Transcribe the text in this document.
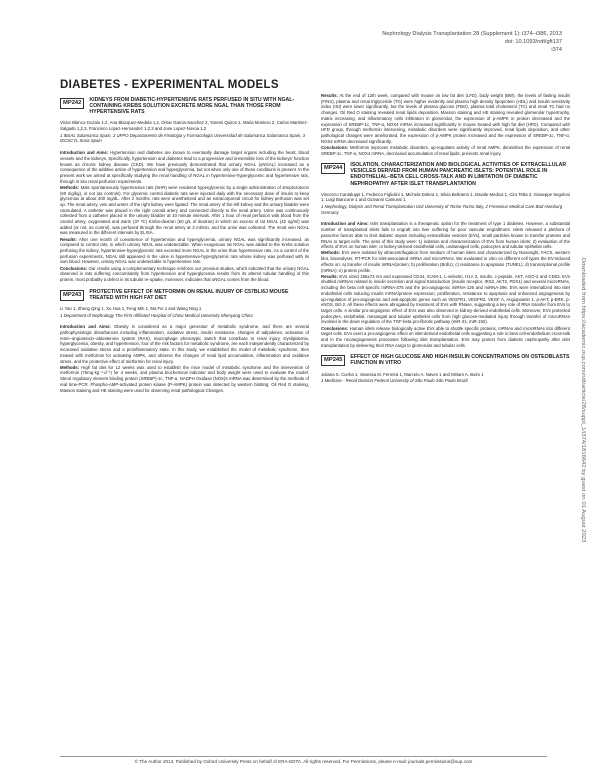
Nephrology Dialysis Transplantation 28 (Supplement 1): i374–i386, 2013
doi: 10.1093/ndt/gft137
i374
DIABETES - EXPERIMENTAL MODELS
MP242	KIDNEYS FROM DIABETIC-HYPERTENSIVE RATS PERFUSED IN SITU WITH NGAL-CONTAINING KREBS SOLUTION EXCRETE MORE NGAL THAN THOSE FROM HYPERTENSIVE RATS
Victor Blanco-Gozalo 1,2, Ana Blazquez-Medela 1,2, Omar Garcia-Sanchez 2, Yaremi Quiros 2, Maria Montero 2, Carlos Martinez-Salgado 1,2,3, Francisco Lopez-Hernandez 1,2,3 and Jose Lopez-Novoa 1,2
1 IBSAL Salamanca Spain, 2 UFPO Departamento de Fisiologia y Farmacologia Universidad de Salamanca Salamanca Spain, 3 IECSCYL Soria Spain

Introduction and Aims: Hypertension and diabetes are known to eventually damage target organs including the heart, blood vessels and the kidneys. Specifically, hypertension and diabetes lead to a progressive and irreversible loss of the kidneys' function known as chronic kidney disease (CKD). We have previously demonstrated that urinary NGAL (uNGAL) increased as a consequence of the additive action of hypertension and hyperglycemia, but not when only one of these conditions is present. In the present work we aimed at specifically studying the renal handling of NGAL in hypertensive-hyperglycemic and hypertensive rats, through in situ renal perfusion experiments.

Methods: Male spontaneously hypertensive rats (SHR) were rendered hyperglycemic by a single administration of streptozotocin (60 mg/kg), or not (as controls). For glycemic control diabetic rats were injected daily with the necessary dose of insulin to keep glycemias at about 400 mg/dL. After 2 months, rats were anesthetized and an extracorporeal circuit for kidney perfusion was set up. The renal artery, vein and ureter of the right kidney were ligated. The renal artery of the left kidney and the urinary bladder were cannulated. A catheter was placed in the right carotid artery and connected directly to the renal artery. Urine was continuously collected from a catheter placed in the urinary bladder at 10 minute intervals. After 1 hour of renal perfusion with blood from the carotid artery, oxygenated and warm (37 ºC) Krebs-dextran (60 g/L of dextran) in which an excess of rat NGAL (42 ng/ml) was added (or not, as control), was perfused through the renal artery at 3 ml/min, and the urine was collected. The renal vein NGAL was measured in the different intervals by ELISA.

Results: After one month of coexistence of hypertension and hyperglycemia, urinary NGAL was significantly increased, as compared to control rats, in which urinary NGAL was undetectable. When exogenous rat NGAL was added to the Krebs solution perfusing the kidney, hypertensive-hyperglycemic rats excreted more NGAL in the urine than hypertensive rats. As a control of the perfusion experiments, NGAL still appeared in the urine in hypertensive-hyperglycemic rats whose kidney was perfused with its own blood. However, urinary NGAL was undetectable in hypertensive rats.

Conclusions: Our results using a complementary technique reinforce our previous studies, which indicated that the urinary NGAL observed in rats suffering concomitantly from hypertension and hyperglycemia results from its altered tubular handling of this protein, most probably a defect in its tubular re-uptake, moreover, indicates that uNGAL comes from the blood.

MP243	PROTECTIVE EFFECT OF METFORMIN ON RENAL INJURY OF C57BL/6J MOUSE TREATED WITH HIGH FAT DIET
Li Yao 1, Zheng Qing 1, Xu Hua 1, Feng Min 1, Ma Fei 1 and Wang Ning 1
1 Department of Nephrology The First Affiliated Hospital of China Medical University Shenyang China

Introduction and Aims: Obesity is considered as a major generator of metabolic syndrome, and there are several pathophysiologic disturbances including inflammation, oxidative stress, insulin resistance, changes of adipokines, activation of renin–angiotensin–aldosterone system (RAS), macrophage phenotypic switch that contribute to renal injury. Dyslipidemia, hyperglycemia, obesity, and hypertension, four of the risk factors for metabolic syndrome, are each independently characterized by increased oxidative stress and a proinflammatory state. In this study, we established the model of metabolic syndrome, then treated with metformin for activating AMPK, and observe the changes of renal lipid accumulation, inflammation and oxidative stress, and the protective effect of metformin for renal injury.

Methods: High fat diet for 12 weeks was used to establish the mice model of metabolic syndrome and the intervention of metformin (75mg·kg⁻¹·d⁻¹) for 4 weeks, and plasma biochemical indicator and body weight were used to evaluate the model. Sterol regulatory element binding protein (SREBP)-1c, TNF-α, NADPH Oxidase (NOX)4 mRNA was determined by the methods of real time-PCR. Phospho-AMP-activated protein kinase (P-AMPK) protein was detected by western blotting. Oil Red O staining, Masson staining and HE staining were used for observing renal pathological Changes.

Results: At the end of 12th week, compared with mouse on low fat diet (LFD), body weight (BW), the levels of fasting insulin (FINS), plasma and renal triglyceride (TG) were higher evidently and plasma high density lipoprotein (HDL) and insulin sensitivity index (ISI) were lower significantly, but the levels of plasma glucose (FBG), plasma total cholesterol (TC) and renal TC had no changes. Oil Red O staining revealed renal lipids deposition, Masson staining and HE staining revealed glomerular hypertrophy, matrix increasing, and inflammatory cells infiltration in glomerular, the expression of p-AMPK in protein decreased and the expression of SREBP-1c, TNF-α, NOX4 mRNA increased significantly in mouse treated with high fat diet (HFD). Compared with HFD group, through metformin intervening, metabolic disorders were significantly improved, renal lipids deposition, and other pathological changes were ameliorated, the expression of p-AMPK protein increased and the expression of SREBP-1c, TNF-α, NOX4 mRNA decreased significantly.

Conclusions: Metformin improves metabolic disorders, up-regulates activity of renal AMPK, diminishes the expression of renal SREBP-1c, TNF-α, NOX4 mRNA, decreased accumulation of renal lipids, prevents renal injury.

MP244	ISOLATION, CHARACTERIZATION AND BIOLOGICAL ACTIVITIES OF EXTRACELLULAR VESICLES DERIVED FROM HUMAN PANCREATIC ISLETS: POTENTIAL ROLE IN ENDOTHELIAL–BETA CELL CROSS-TALK AND IN LIMITATION OF DIABETIC NEPHROPATHY AFTER ISLET TRANSPLANTATION
Vincenzo Cantaluppi 1, Federico Figliolini 1, Michela Dolera 1, Silvia Beltramo 1, Davide Medica 1, Ciro Tetta 2, Giuseppe Segoloni 1, Luigi Biancone 1 and Giovanni Camussi 1
1 Nephrology, Dialysis and Renal Transplantation Unit University of Torino Torino Italy, 2 Fresenius Medical Care Bad Homburg Germany

Introduction and Aims: Islet transplantation is a therapeutic option for the treatment of type 1 diabetes. However, a substantial number of transplanted islets fails to engraft into liver suffering for poor vascular engraftment. Islets released a plethora of paracrine factors able to limit diabetic sepsis including extracellular vesicles (EVs), small particles known to transfer proteins and RNAs to target cells. The aims of this study were: 1) isolation and characterization of EVs from human islets; 2) evaluation of the effects of EVs on human islet- or kidney-derived endothelial cells, undamaged cells, podocytes and tubular epithelial cells.

Methods: EVs were isolated by ultracentrifugation from medium of human islets and characterized by Nanosight, FACS, western blot, bioanalyser, RT-PCR for islet-associated mRNA and microRNAs. We evaluated in vitro on different cell types the EV-induced effects on: a) transfer of insulin mRNA/protein; b) proliferation (BrdU); c) resistance to apoptosis (TUNEL); d) transcriptional profile (mRNA); e) protein profile.

Results: EVs sized 155±73 nm and expressed CD44, ICAM-1, L-selectin, H1A 3, insulin, c-peptide, AKT, AGO-2 and CD63. EVs shuttled miRNAs related to insulin secretion and signal transduction (insulin receptor, IRS2, AKT2, PDX1) and several microRNAs, including the beta cell specific miRNA-375 and the pro-angiogenic miRNA-126 and miRNA-296. EVs were internalized into islet endothelial cells inducing insulin mRNA/protein expression, proliferation, resistance to apoptosis and enhanced angiogenesis by up-regulation of pro-angiogenic and anti-apoptotic genes such as VEGFR1, VEGFR2, VEGF A, Angiopoietin 1, p-AKT, p-ERK, p-eNOS, Bcl-2. All these effects were abrogated by treatment of EVs with RNase, suggesting a key role of RNA transfer from EVs to target cells. A similar pro-angiogenic effect of EVs was also observed in kidney-derived endothelial cells. Moreover, EVs protected podocytes, endothelial, mesangial and tubular epithelial cells from high glucose-mediated injury through transfer of microRNAs involved in the down regulation of the TGF-beta pro-fibrotic pathway (miR-21, miR-192).

Conclusions: Human islets release biologically active EVs able to shuttle specific proteins, mRNAs and microRNAs into different target cells. EVs exert a pro-angiogenic effect on islet-derived endothelial cells suggesting a role in beta cell-endothelium cross-talk and in the neoangiogenesis processes following islet transplantation. EVs may protect from diabetic nephropathy after islet transplantation by delivering their RNA cargo to glomerular and tubular cells.

MP245	EFFECT OF HIGH GLUCOSE AND HIGH INSULIN CONCENTRATIONS ON OSTEOBLASTS FUNCTION IN VITRO
Juliana S. Cunha 1, Vanessa M. Ferreira 1, Marcelo A. Naves 1 and Miriam A. Boim 1
1 Medicine - Renal Division Federal University of São Paulo São Paulo Brazil
© The Author 2013. Published by Oxford University Press on behalf of ERA-EDTA. All rights reserved. For Permissions, please e-mail: journals.permissions@oup.com
Downloaded from https://academic.oup.com/ndt/article/28/suppl_1/i374/1816642 by guest on 01 August 2023
